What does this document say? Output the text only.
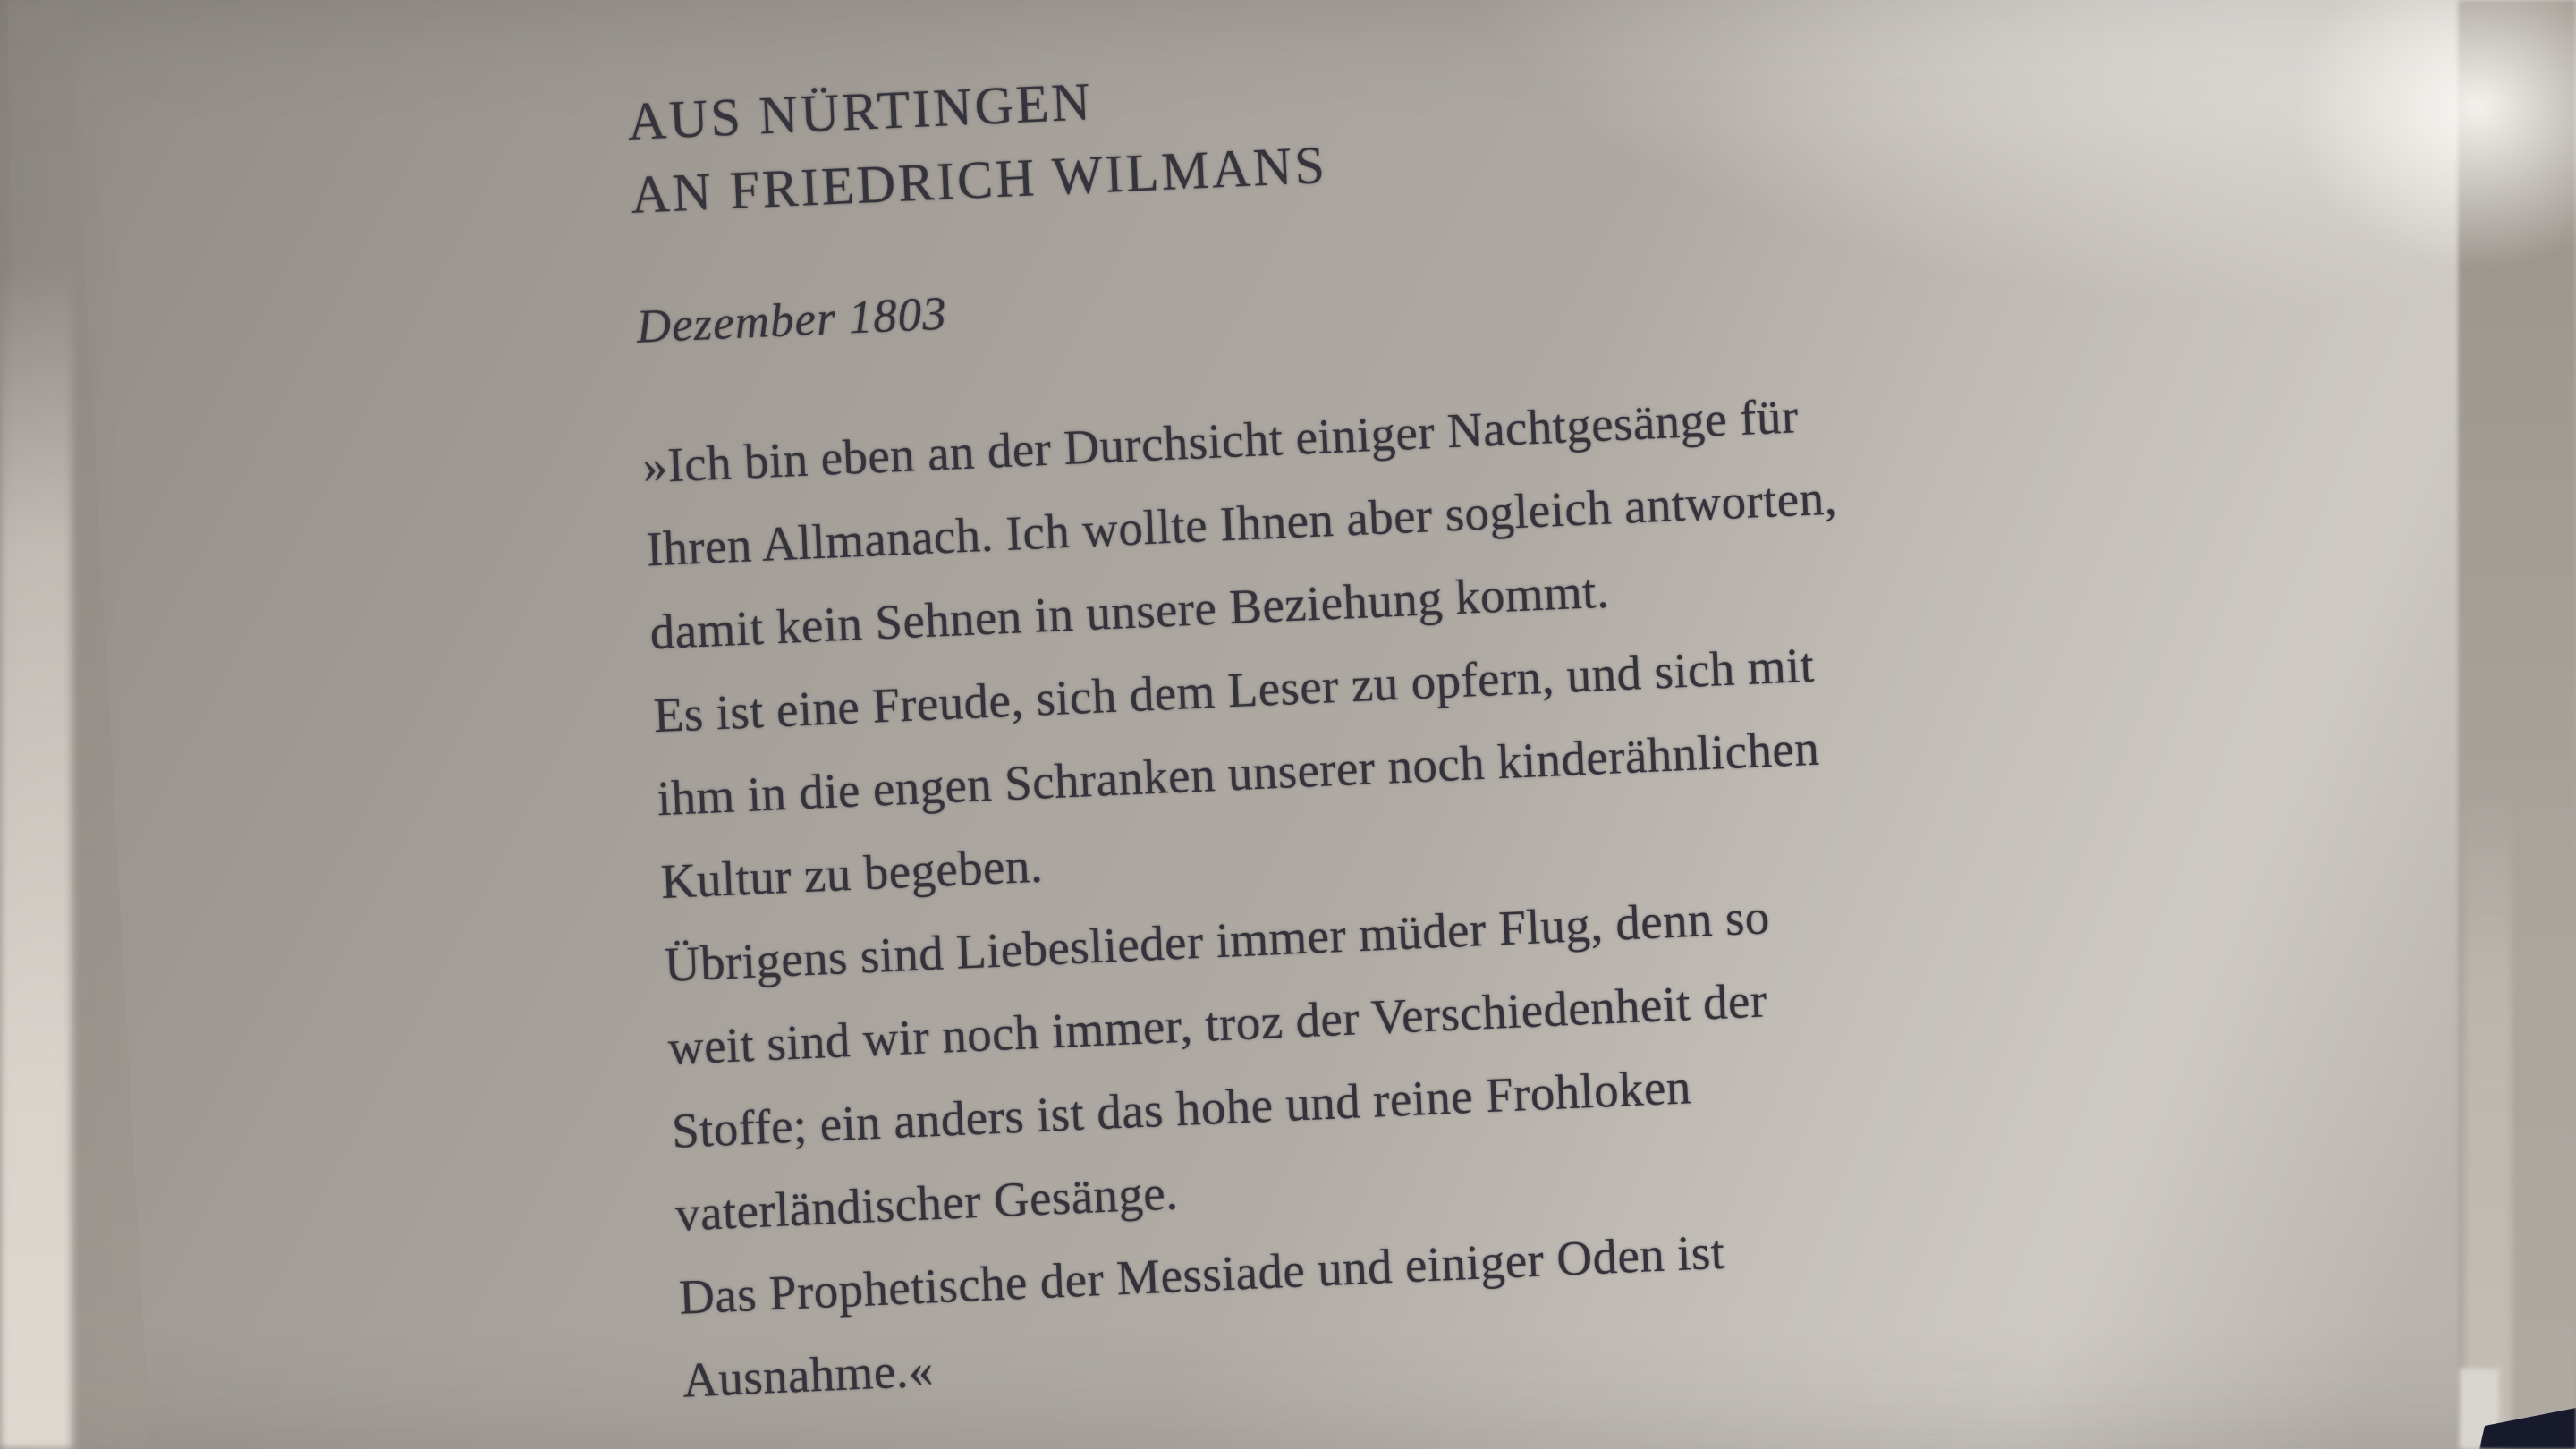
AUS NÜRTINGEN
AN FRIEDRICH WILMANS
Dezember 1803
»Ich bin eben an der Durchsicht einiger Nachtgesänge für
Ihren Allmanach. Ich wollte Ihnen aber sogleich antworten,
damit kein Sehnen in unsere Beziehung kommt.
Es ist eine Freude, sich dem Leser zu opfern, und sich mit
ihm in die engen Schranken unserer noch kinderähnlichen
Kultur zu begeben.
Übrigens sind Liebeslieder immer müder Flug, denn so
weit sind wir noch immer, troz der Verschiedenheit der
Stoffe; ein anders ist das hohe und reine Frohloken
vaterländischer Gesänge.
Das Prophetische der Messiade und einiger Oden ist
Ausnahme.«
